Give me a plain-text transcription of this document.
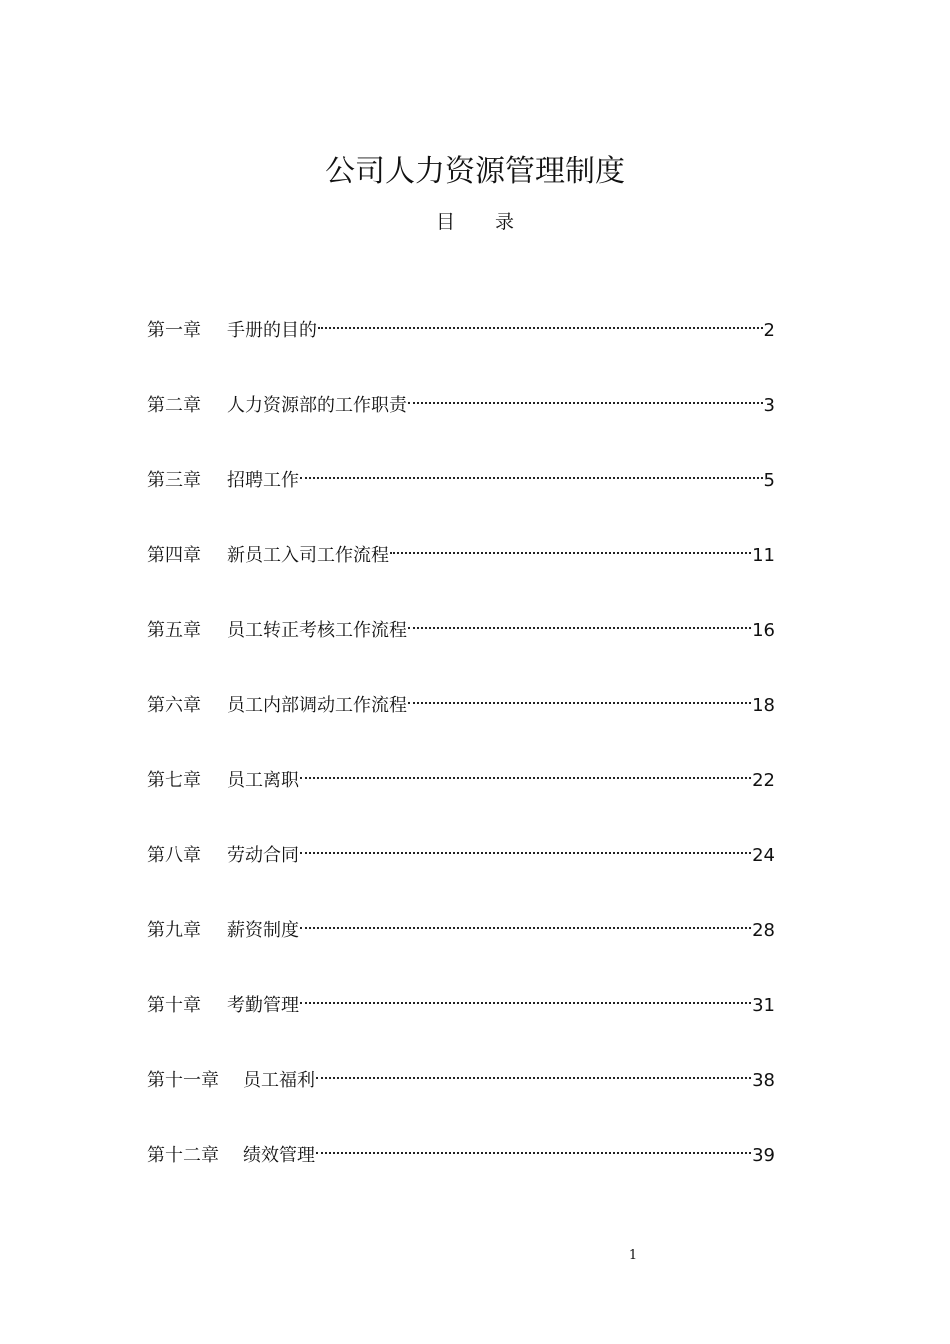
公司人力资源管理制度
目 录
第一章 手册的目的	2
第二章 人力资源部的工作职责	3
第三章 招聘工作	5
第四章 新员工入司工作流程	11
第五章 员工转正考核工作流程	16
第六章 员工内部调动工作流程	18
第七章 员工离职	22
第八章 劳动合同	24
第九章 薪资制度	28
第十章 考勤管理	31
第十一章 员工福利	38
第十二章 绩效管理	39
1
